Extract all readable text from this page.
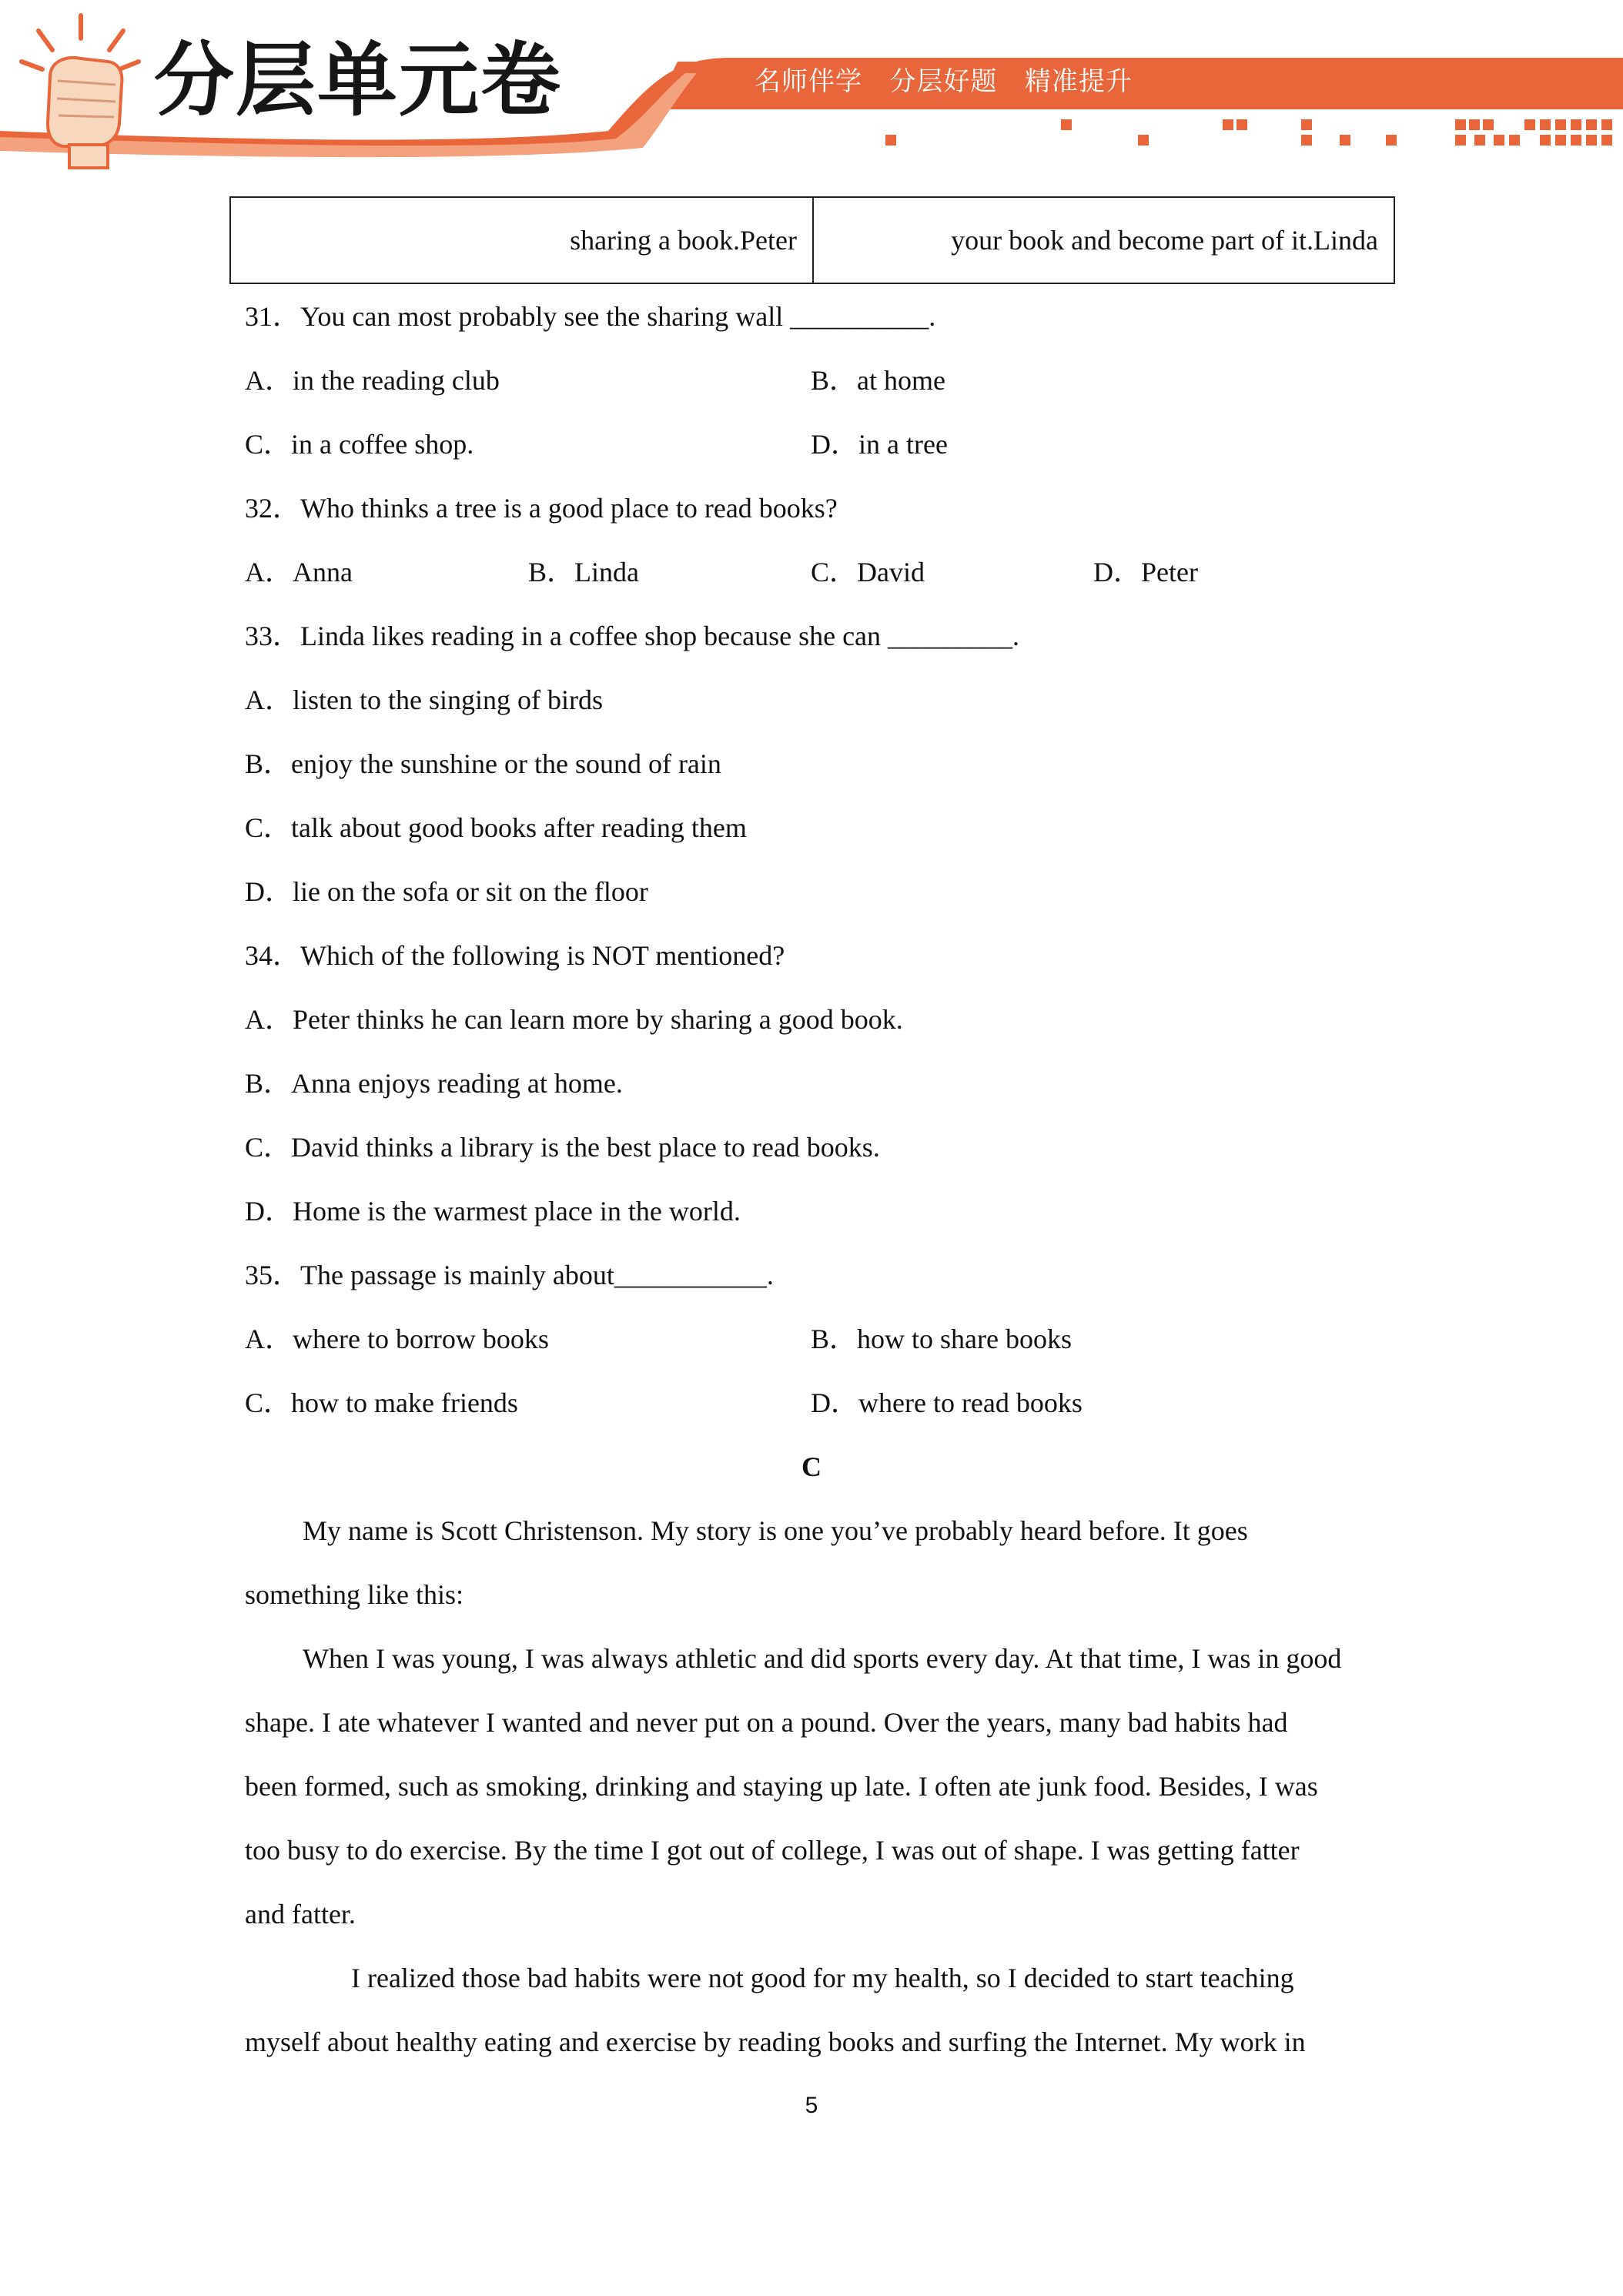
分层单元卷	名师伴学   分层好题   精准提升
sharing a book.Peter	your book and become part of it.Linda
31．You can most probably see the sharing wall __________.
A．in the reading club	B．at home
C．in a coffee shop.	D．in a tree
32．Who thinks a tree is a good place to read books?
A．Anna	B．Linda	C．David	D．Peter
33．Linda likes reading in a coffee shop because she can _________.
A．listen to the singing of birds
B．enjoy the sunshine or the sound of rain
C．talk about good books after reading them
D．lie on the sofa or sit on the floor
34．Which of the following is NOT mentioned?
A．Peter thinks he can learn more by sharing a good book.
B．Anna enjoys reading at home.
C．David thinks a library is the best place to read books.
D．Home is the warmest place in the world.
35．The passage is mainly about___________.
A．where to borrow books	B．how to share books
C．how to make friends	D．where to read books
C
My name is Scott Christenson. My story is one you’ve probably heard before. It goes
something like this:
When I was young, I was always athletic and did sports every day. At that time, I was in good
shape. I ate whatever I wanted and never put on a pound. Over the years, many bad habits had
been formed, such as smoking, drinking and staying up late. I often ate junk food. Besides, I was
too busy to do exercise. By the time I got out of college, I was out of shape. I was getting fatter
and fatter.
I realized those bad habits were not good for my health, so I decided to start teaching
myself about healthy eating and exercise by reading books and surfing the Internet. My work in
5
